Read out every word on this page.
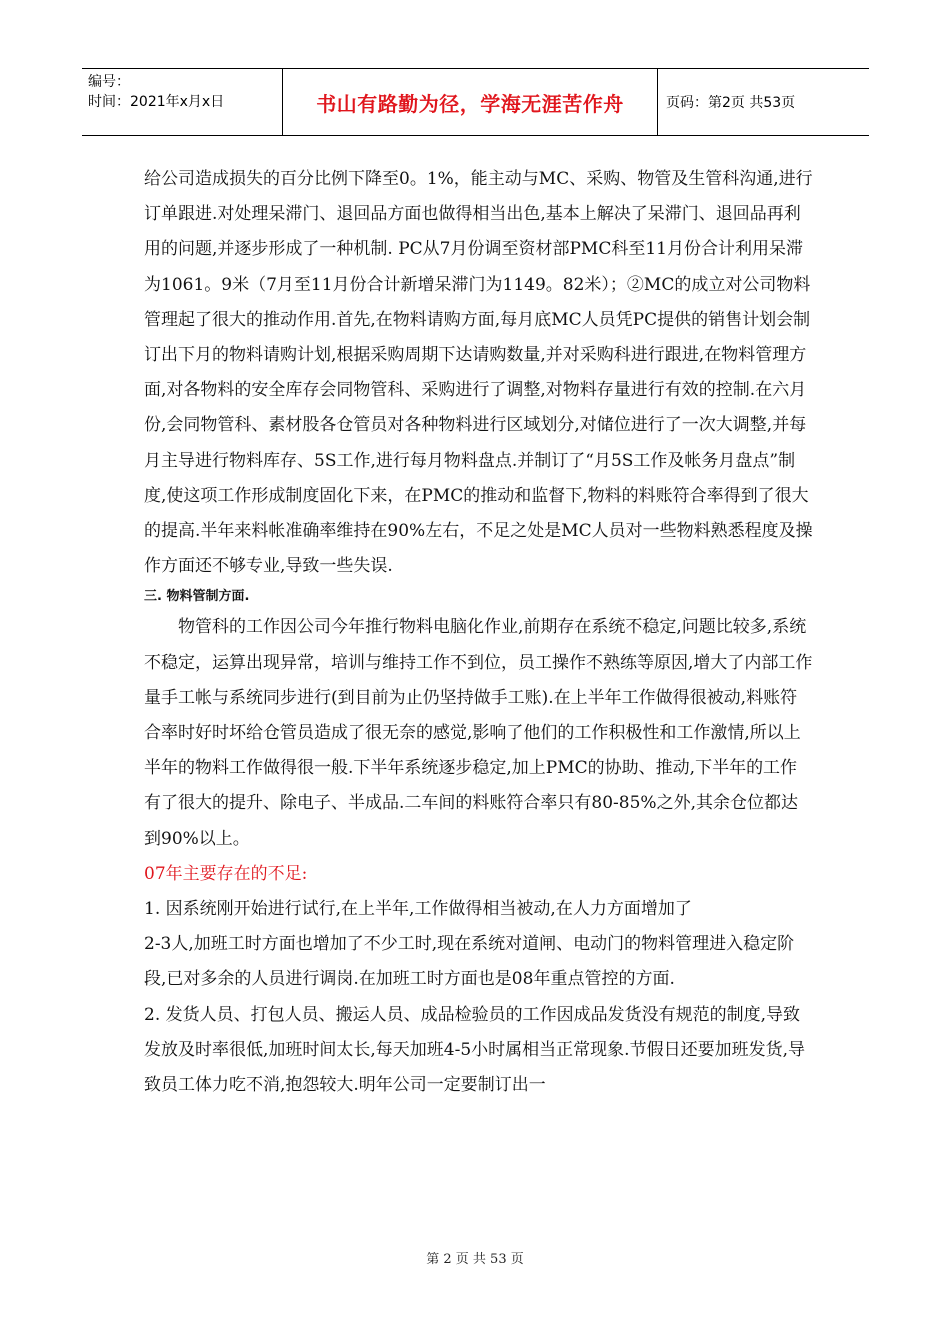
编号：
时间：2021年x月x日	书山有路勤为径，学海无涯苦作舟	页码：第2页 共53页

给公司造成损失的百分比例下降至0。1%，能主动与MC、采购、物管及生管科沟通,进行订单跟进.对处理呆滞门、退回品方面也做得相当出色,基本上解决了呆滞门、退回品再利用的问题,并逐步形成了一种机制. PC从7月份调至资材部PMC科至11月份合计利用呆滞为1061。9米（7月至11月份合计新增呆滞门为1149。82米）；②MC的成立对公司物料管理起了很大的推动作用.首先,在物料请购方面,每月底MC人员凭PC提供的销售计划会制订出下月的物料请购计划,根据采购周期下达请购数量,并对采购科进行跟进,在物料管理方面,对各物料的安全库存会同物管科、采购进行了调整,对物料存量进行有效的控制.在六月份,会同物管科、素材股各仓管员对各种物料进行区域划分,对储位进行了一次大调整,并每月主导进行物料库存、5S工作,进行每月物料盘点.并制订了“月5S工作及帐务月盘点”制度,使这项工作形成制度固化下来，在PMC的推动和监督下,物料的料账符合率得到了很大的提高.半年来料帐准确率维持在90%左右，不足之处是MC人员对一些物料熟悉程度及操作方面还不够专业,导致一些失误.

三. 物料管制方面.

物管科的工作因公司今年推行物料电脑化作业,前期存在系统不稳定,问题比较多,系统不稳定，运算出现异常，培训与维持工作不到位，员工操作不熟练等原因,增大了内部工作量手工帐与系统同步进行(到目前为止仍坚持做手工账).在上半年工作做得很被动,料账符合率时好时坏给仓管员造成了很无奈的感觉,影响了他们的工作积极性和工作激情,所以上半年的物料工作做得很一般.下半年系统逐步稳定,加上PMC的协助、推动,下半年的工作有了很大的提升、除电子、半成品.二车间的料账符合率只有80-85%之外,其余仓位都达到90%以上。

07年主要存在的不足:

1. 因系统刚开始进行试行,在上半年,工作做得相当被动,在人力方面增加了

2-3人,加班工时方面也增加了不少工时,现在系统对道闸、电动门的物料管理进入稳定阶段,已对多余的人员进行调岗.在加班工时方面也是08年重点管控的方面.

2. 发货人员、打包人员、搬运人员、成品检验员的工作因成品发货没有规范的制度,导致发放及时率很低,加班时间太长,每天加班4-5小时属相当正常现象.节假日还要加班发货,导致员工体力吃不消,抱怨较大.明年公司一定要制订出一

第 2 页 共 53 页
